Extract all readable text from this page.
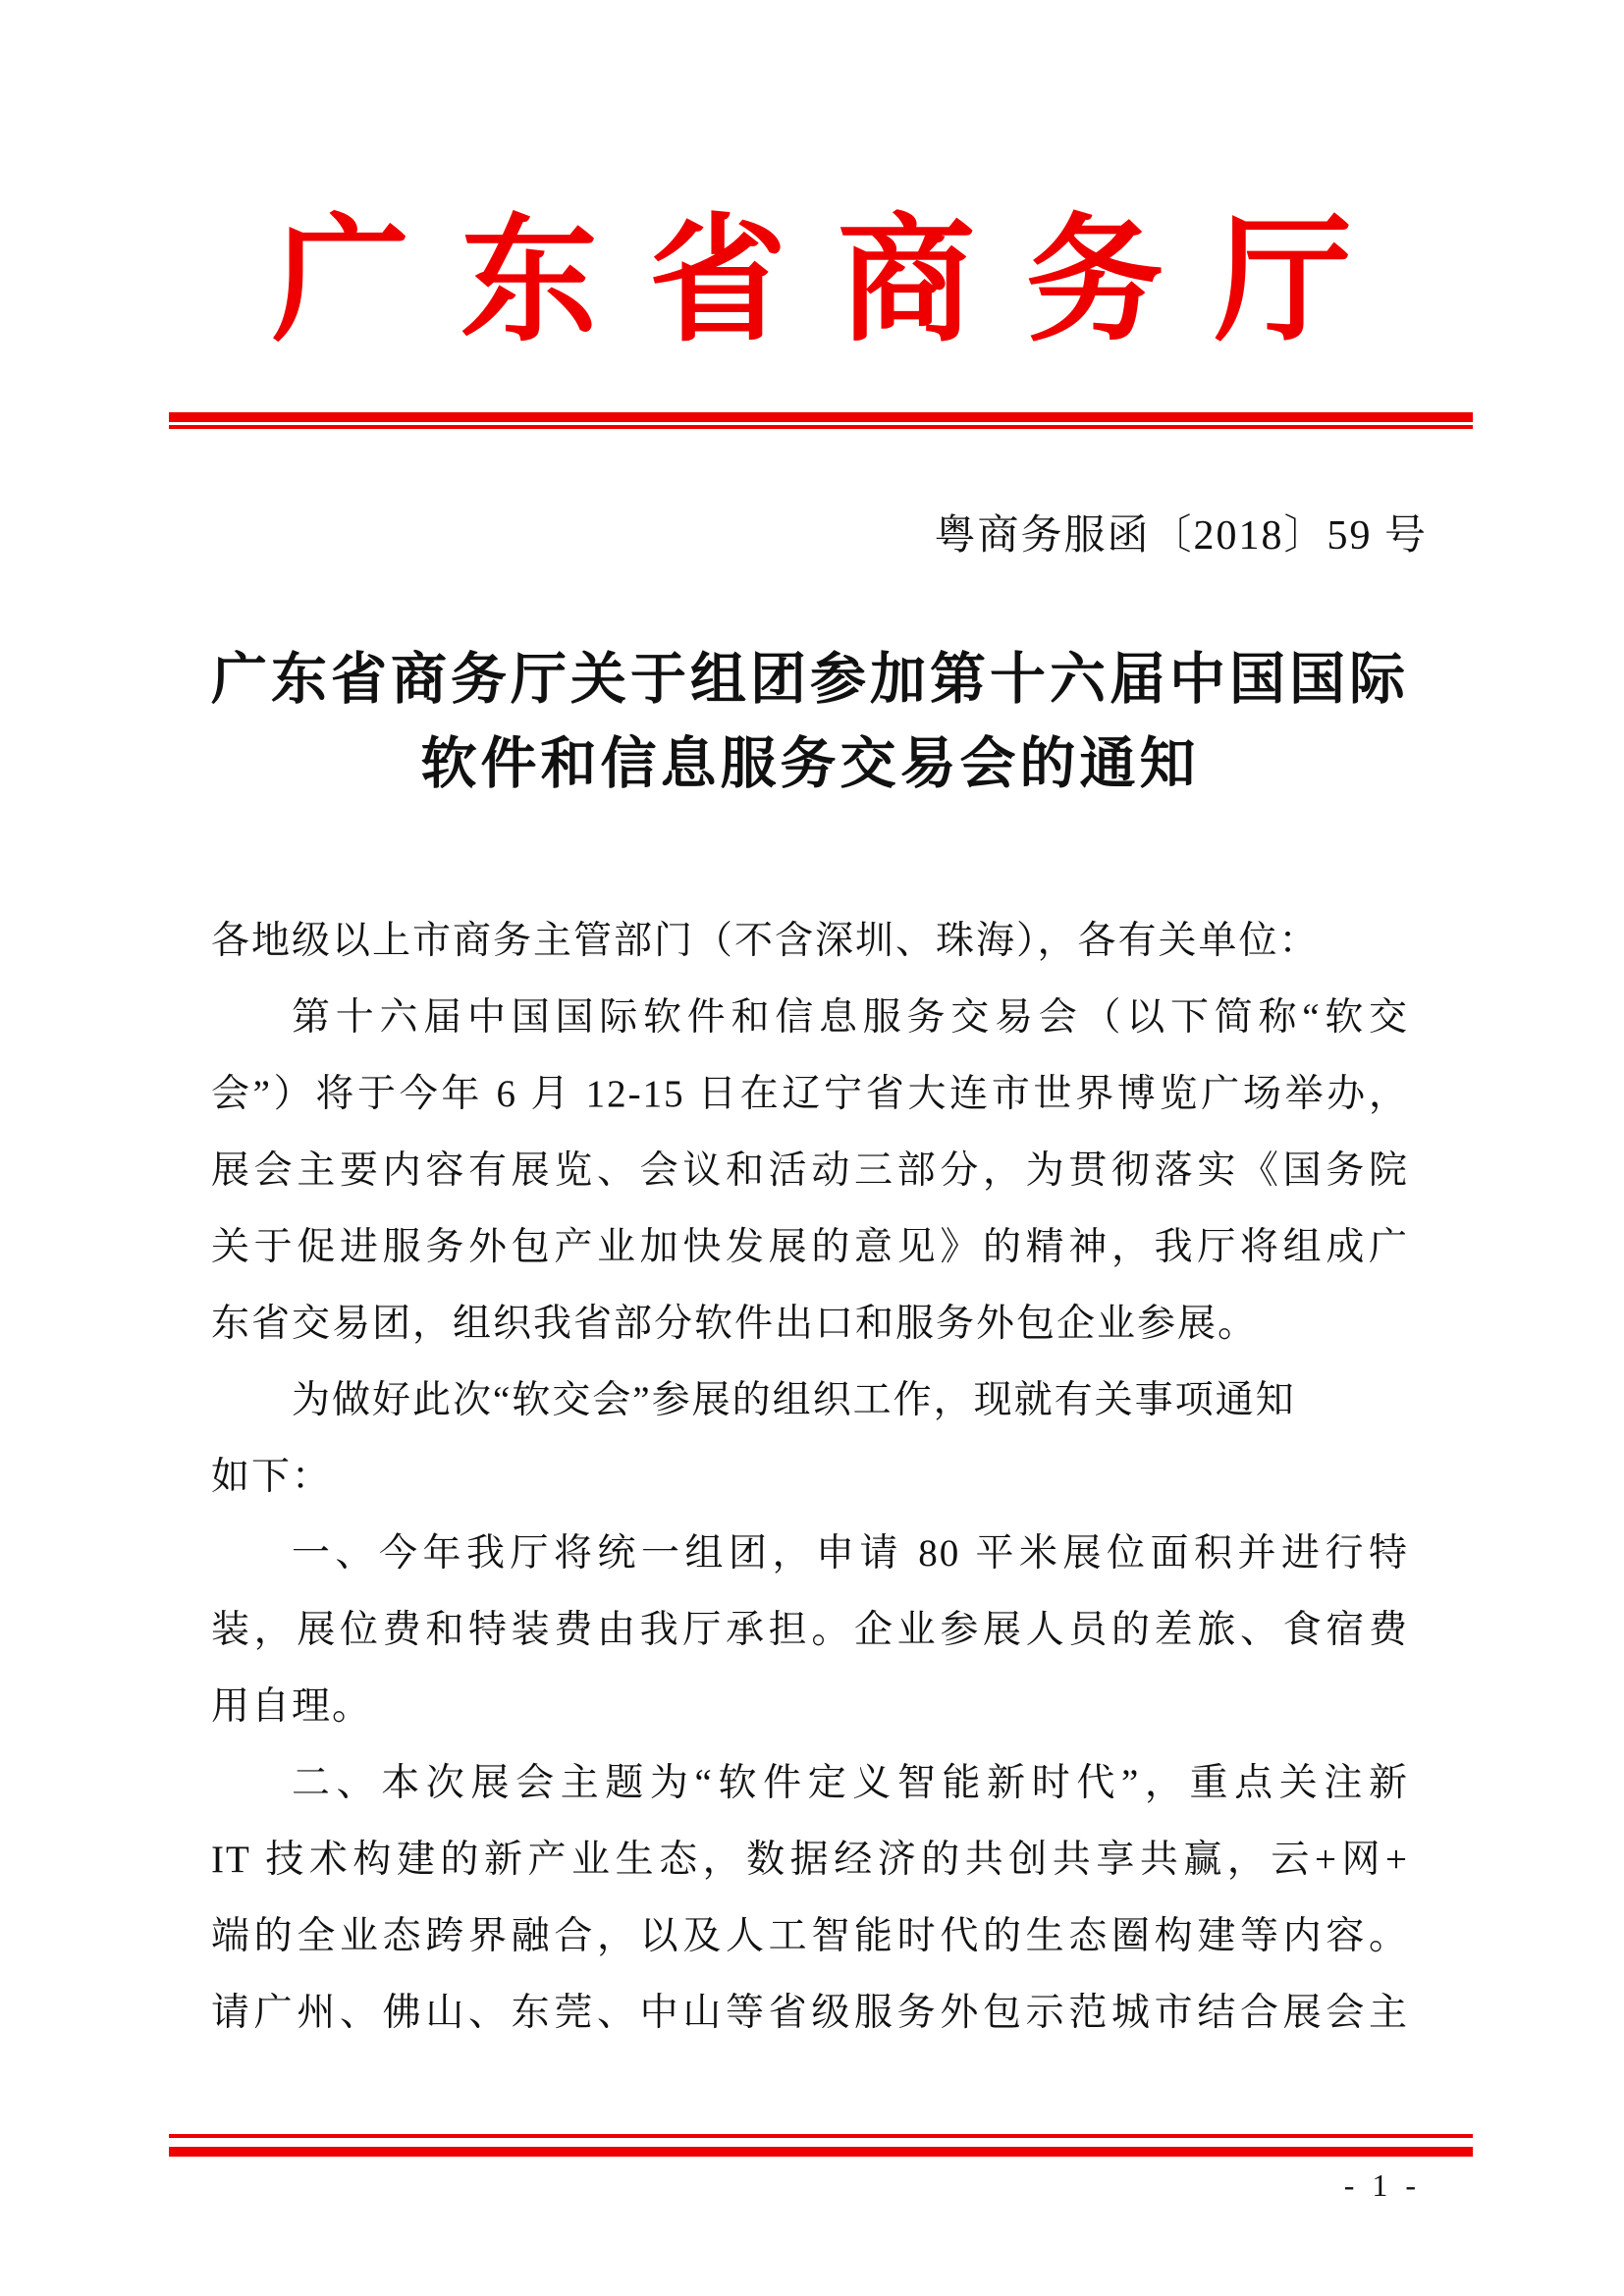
广东省商务厅
粤商务服函〔2018〕59 号
广东省商务厅关于组团参加第十六届中国国际
软件和信息服务交易会的通知
各地级以上市商务主管部门（不含深圳、珠海），各有关单位：
第十六届中国国际软件和信息服务交易会（以下简称“软交
会”）将于今年 6 月 12-15 日在辽宁省大连市世界博览广场举办，
展会主要内容有展览、会议和活动三部分，为贯彻落实《国务院
关于促进服务外包产业加快发展的意见》的精神，我厅将组成广
东省交易团，组织我省部分软件出口和服务外包企业参展。
为做好此次“软交会”参展的组织工作，现就有关事项通知
如下：
一、今年我厅将统一组团，申请 80 平米展位面积并进行特
装，展位费和特装费由我厅承担。企业参展人员的差旅、食宿费
用自理。
二、本次展会主题为“软件定义智能新时代”，重点关注新
IT 技术构建的新产业生态，数据经济的共创共享共赢，云+网+
端的全业态跨界融合，以及人工智能时代的生态圈构建等内容。
请广州、佛山、东莞、中山等省级服务外包示范城市结合展会主
- 1 -
